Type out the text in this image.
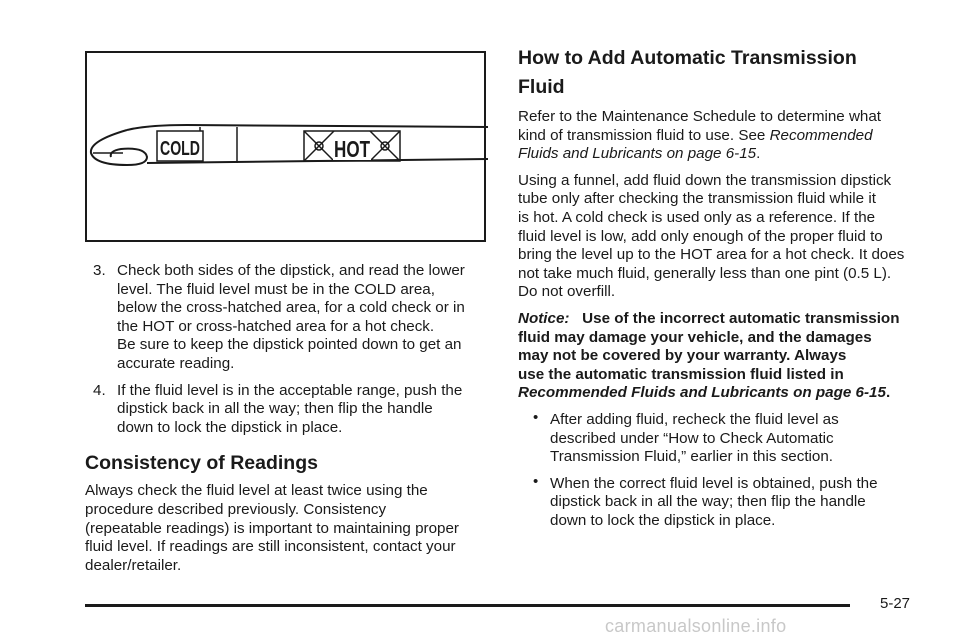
COLD	HOT
3. Check both sides of the dipstick, and read the lower

level. The fluid level must be in the COLD area,

below the cross-hatched area, for a cold check or in

the HOT or cross-hatched area for a hot check.

Be sure to keep the dipstick pointed down to get an

accurate reading.

4. If the fluid level is in the acceptable range, push the

dipstick back in all the way; then flip the handle

down to lock the dipstick in place.

Consistency of Readings
Always check the fluid level at least twice using the
procedure described previously. Consistency
(repeatable readings) is important to maintaining proper
fluid level. If readings are still inconsistent, contact your
dealer/retailer.
How to Add Automatic Transmission
Fluid
Refer to the Maintenance Schedule to determine what
kind of transmission fluid to use. See Recommended
Fluids and Lubricants on page 6-15.
Using a funnel, add fluid down the transmission dipstick
tube only after checking the transmission fluid while it
is hot. A cold check is used only as a reference. If the
fluid level is low, add only enough of the proper fluid to
bring the level up to the HOT area for a hot check. It does
not take much fluid, generally less than one pint (0.5 L).
Do not overfill.
Notice: Use of the incorrect automatic transmission
fluid may damage your vehicle, and the damages
may not be covered by your warranty. Always
use the automatic transmission fluid listed in
Recommended Fluids and Lubricants on page 6-15.
• After adding fluid, recheck the fluid level as
described under “How to Check Automatic
Transmission Fluid,” earlier in this section.
• When the correct fluid level is obtained, push the
dipstick back in all the way; then flip the handle
down to lock the dipstick in place.
5-27
carmanualsonline.info
